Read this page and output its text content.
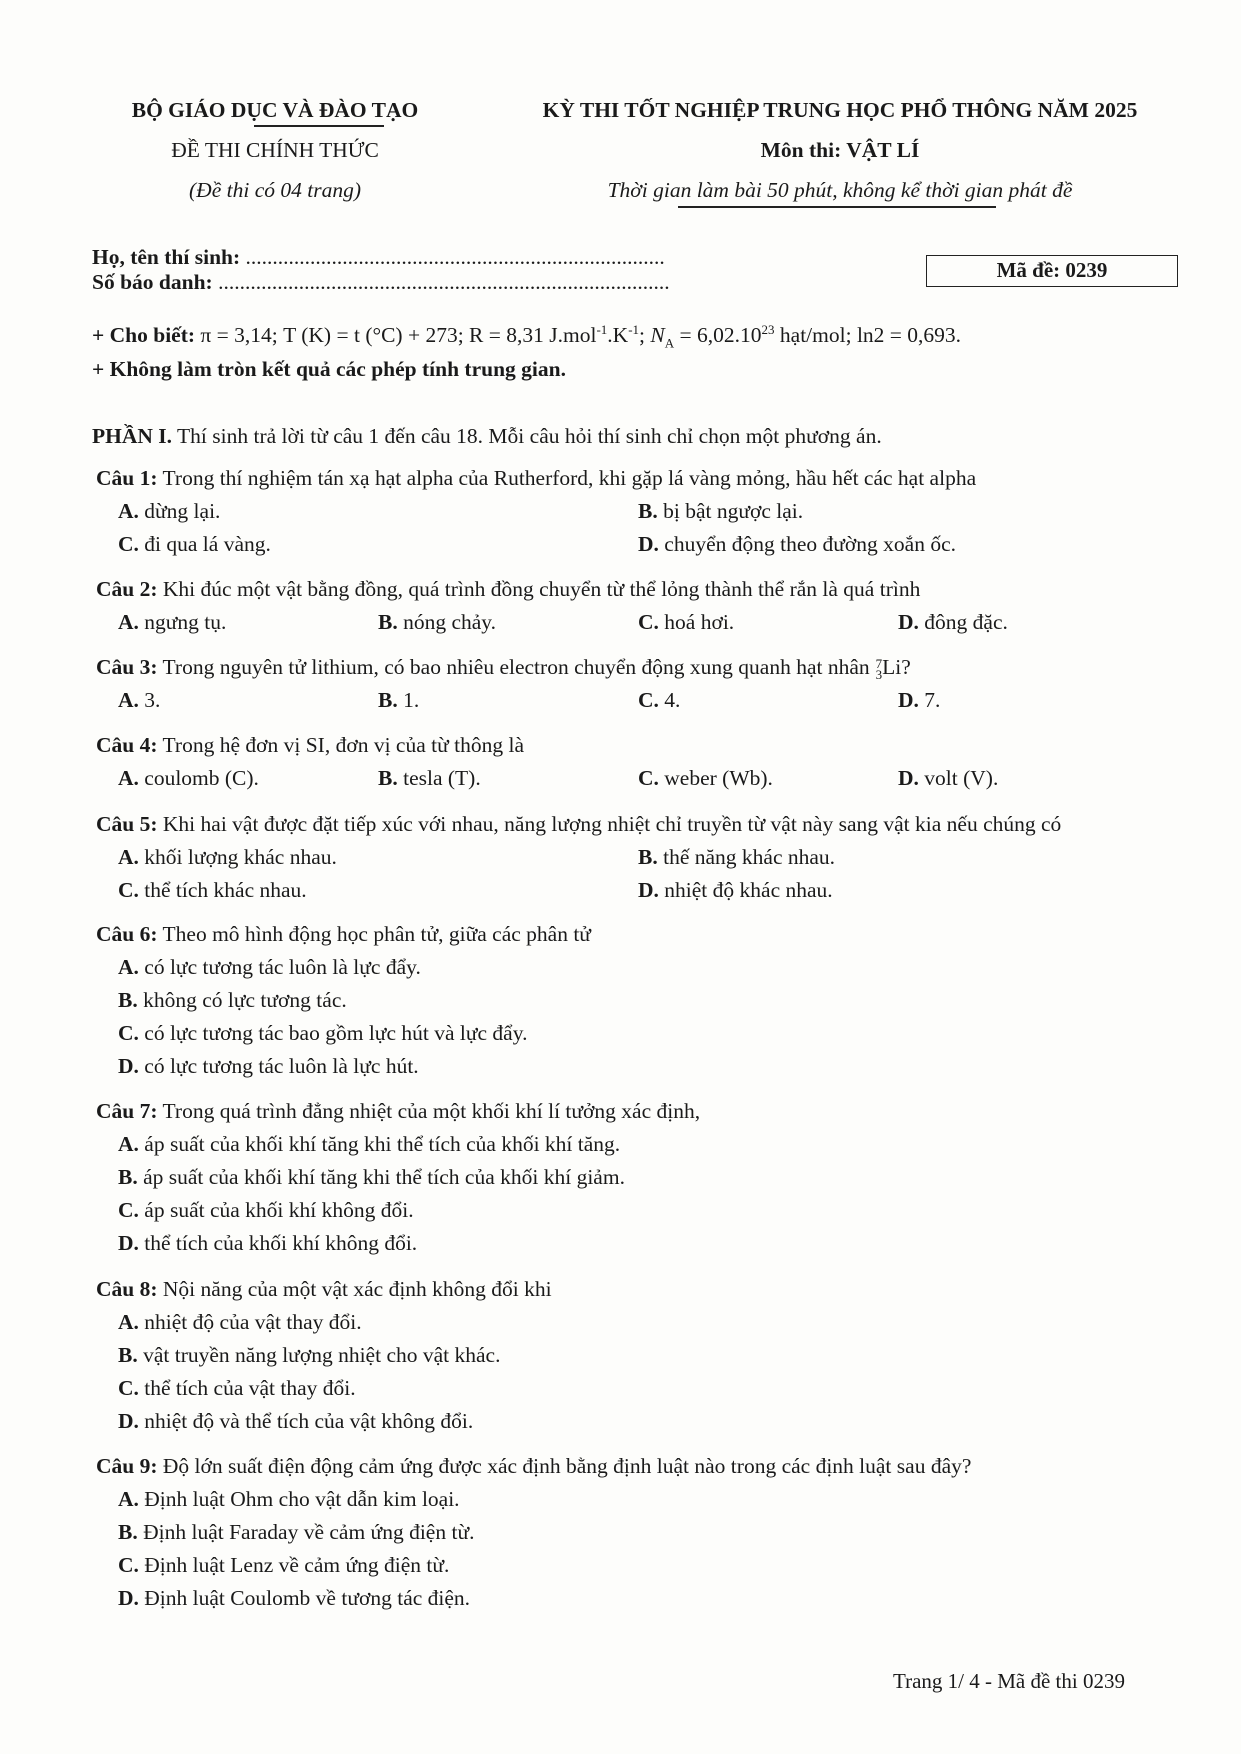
BỘ GIÁO DỤC VÀ ĐÀO TẠO
ĐỀ THI CHÍNH THỨC
(Đề thi có 04 trang)
KỲ THI TỐT NGHIỆP TRUNG HỌC PHỔ THÔNG NĂM 2025
Môn thi: VẬT LÍ
Thời gian làm bài 50 phút, không kể thời gian phát đề
Họ, tên thí sinh: ..............................................................................
Số báo danh: ....................................................................................	Mã đề: 0239
+ Cho biết: π = 3,14; T (K) = t (°C) + 273; R = 8,31 $J.mol^{-1}.K^{-1}$; $N_A = 6,02.10^{23}$ hạt/mol; ln2 = 0,693.
+ Không làm tròn kết quả các phép tính trung gian.
PHẦN I. Thí sinh trả lời từ câu 1 đến câu 18. Mỗi câu hỏi thí sinh chỉ chọn một phương án.
Câu 1: Trong thí nghiệm tán xạ hạt alpha của Rutherford, khi gặp lá vàng mỏng, hầu hết các hạt alpha
A. dừng lại.	B. bị bật ngược lại.
C. đi qua lá vàng.	D. chuyển động theo đường xoắn ốc.
Câu 2: Khi đúc một vật bằng đồng, quá trình đồng chuyển từ thể lỏng thành thể rắn là quá trình
A. ngưng tụ.	B. nóng chảy.	C. hoá hơi.	D. đông đặc.
Câu 3: Trong nguyên tử lithium, có bao nhiêu electron chuyển động xung quanh hạt nhân 7
3 Li?
A. 3.	B. 1.	C. 4.	D. 7.
Câu 4: Trong hệ đơn vị SI, đơn vị của từ thông là
A. coulomb (C).	B. tesla (T).	C. weber (Wb).	D. volt (V).
Câu 5: Khi hai vật được đặt tiếp xúc với nhau, năng lượng nhiệt chỉ truyền từ vật này sang vật kia nếu chúng có
A. khối lượng khác nhau.	B. thế năng khác nhau.
C. thể tích khác nhau.	D. nhiệt độ khác nhau.
Câu 6: Theo mô hình động học phân tử, giữa các phân tử
A. có lực tương tác luôn là lực đẩy.
B. không có lực tương tác.
C. có lực tương tác bao gồm lực hút và lực đẩy.
D. có lực tương tác luôn là lực hút.
Câu 7: Trong quá trình đẳng nhiệt của một khối khí lí tưởng xác định,
A. áp suất của khối khí tăng khi thể tích của khối khí tăng.
B. áp suất của khối khí tăng khi thể tích của khối khí giảm.
C. áp suất của khối khí không đổi.
D. thể tích của khối khí không đổi.
Câu 8: Nội năng của một vật xác định không đổi khi
A. nhiệt độ của vật thay đổi.
B. vật truyền năng lượng nhiệt cho vật khác.
C. thể tích của vật thay đổi.
D. nhiệt độ và thể tích của vật không đổi.
Câu 9: Độ lớn suất điện động cảm ứng được xác định bằng định luật nào trong các định luật sau đây?
A. Định luật Ohm cho vật dẫn kim loại.
B. Định luật Faraday về cảm ứng điện từ.
C. Định luật Lenz về cảm ứng điện từ.
D. Định luật Coulomb về tương tác điện.
Trang 1/ 4 - Mã đề thi 0239
